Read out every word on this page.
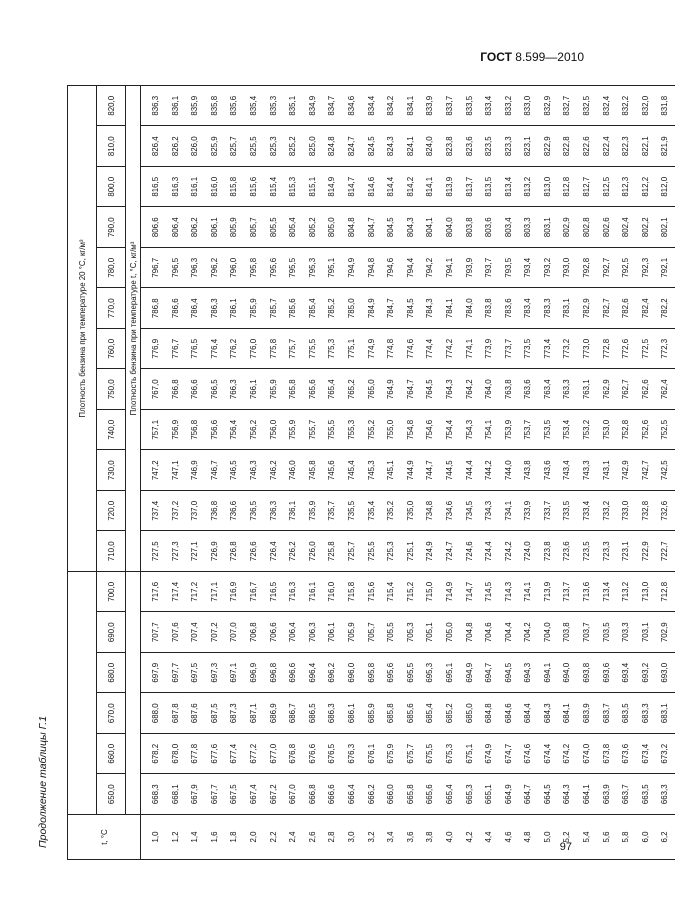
ГОСТ 8.599—2010
Продолжение таблицы Г.1	t, °C							Плотность бензина при температуре 20 °C, кг/м³											
	650,0	660,0	670,0	680,0	690,0	700,0	710,0	720,0	730,0	740,0	750,0	760,0	770,0	780,0	790,0	800,0	810,0	820,0
							Плотность бензина при температуре t, °C, кг/м³											
1,0	668,3	678,2	688,0	697,9	707,7	717,6	727,5	737,4	747,2	757,1	767,0	776,9	786,8	796,7	806,6	816,5	826,4	836,3
1,2	668,1	678,0	687,8	697,7	707,6	717,4	727,3	737,2	747,1	756,9	766,8	776,7	786,6	796,5	806,4	816,3	826,2	836,1
1,4	667,9	677,8	687,6	697,5	707,4	717,2	727,1	737,0	746,9	756,8	766,6	776,5	786,4	796,3	806,2	816,1	826,0	835,9
1,6	667,7	677,6	687,5	697,3	707,2	717,1	726,9	736,8	746,7	756,6	766,5	776,4	786,3	796,2	806,1	816,0	825,9	835,8
1,8	667,5	677,4	687,3	697,1	707,0	716,9	726,8	736,6	746,5	756,4	766,3	776,2	786,1	796,0	805,9	815,8	825,7	835,6
2,0	667,4	677,2	687,1	696,9	706,8	716,7	726,6	736,5	746,3	756,2	766,1	776,0	785,9	795,8	805,7	815,6	825,5	835,4
2,2	667,2	677,0	686,9	696,8	706,6	716,5	726,4	736,3	746,2	756,0	765,9	775,8	785,7	795,6	805,5	815,4	825,3	835,3
2,4	667,0	676,8	686,7	696,6	706,4	716,3	726,2	736,1	746,0	755,9	765,8	775,7	785,6	795,5	805,4	815,3	825,2	835,1
2,6	666,8	676,6	686,5	696,4	706,3	716,1	726,0	735,9	745,8	755,7	765,6	775,5	785,4	795,3	805,2	815,1	825,0	834,9
2,8	666,6	676,5	686,3	696,2	706,1	716,0	725,8	735,7	745,6	755,5	765,4	775,3	785,2	795,1	805,0	814,9	824,8	834,7
3,0	666,4	676,3	686,1	696,0	705,9	715,8	725,7	735,5	745,4	755,3	765,2	775,1	785,0	794,9	804,8	814,7	824,7	834,6
3,2	666,2	676,1	685,9	695,8	705,7	715,6	725,5	735,4	745,3	755,2	765,0	774,9	784,9	794,8	804,7	814,6	824,5	834,4
3,4	666,0	675,9	685,8	695,6	705,5	715,4	725,3	735,2	745,1	755,0	764,9	774,8	784,7	794,6	804,5	814,4	824,3	834,2
3,6	665,8	675,7	685,6	695,5	705,3	715,2	725,1	735,0	744,9	754,8	764,7	774,6	784,5	794,4	804,3	814,2	824,1	834,1
3,8	665,6	675,5	685,4	695,3	705,1	715,0	724,9	734,8	744,7	754,6	764,5	774,4	784,3	794,2	804,1	814,1	824,0	833,9
4,0	665,4	675,3	685,2	695,1	705,0	714,9	724,7	734,6	744,5	754,4	764,3	774,2	784,1	794,1	804,0	813,9	823,8	833,7
4,2	665,3	675,1	685,0	694,9	704,8	714,7	724,6	734,5	744,4	754,3	764,2	774,1	784,0	793,9	803,8	813,7	823,6	833,5
4,4	665,1	674,9	684,8	694,7	704,6	714,5	724,4	734,3	744,2	754,1	764,0	773,9	783,8	793,7	803,6	813,5	823,5	833,4
4,6	664,9	674,7	684,6	694,5	704,4	714,3	724,2	734,1	744,0	753,9	763,8	773,7	783,6	793,5	803,4	813,4	823,3	833,2
4,8	664,7	674,6	684,4	694,3	704,2	714,1	724,0	733,9	743,8	753,7	763,6	773,5	783,4	793,4	803,3	813,2	823,1	833,0
5,0	664,5	674,4	684,3	694,1	704,0	713,9	723,8	733,7	743,6	753,5	763,4	773,4	783,3	793,2	803,1	813,0	822,9	832,9
5,2	664,3	674,2	684,1	694,0	703,8	713,7	723,6	733,5	743,4	753,4	763,3	773,2	783,1	793,0	802,9	812,8	822,8	832,7
5,4	664,1	674,0	683,9	693,8	703,7	713,6	723,5	733,4	743,3	753,2	763,1	773,0	782,9	792,8	802,8	812,7	822,6	832,5
5,6	663,9	673,8	683,7	693,6	703,5	713,4	723,3	733,2	743,1	753,0	762,9	772,8	782,7	792,7	802,6	812,5	822,4	832,4
5,8	663,7	673,6	683,5	693,4	703,3	713,2	723,1	733,0	742,9	752,8	762,7	772,6	782,6	792,5	802,4	812,3	822,3	832,2
6,0	663,5	673,4	683,3	693,2	703,1	713,0	722,9	732,8	742,7	752,6	762,6	772,5	782,4	792,3	802,2	812,2	822,1	832,0
6,2	663,3	673,2	683,1	693,0	702,9	712,8	722,7	732,6	742,5	752,5	762,4	772,3	782,2	792,1	802,1	812,0	821,9	831,8
97
